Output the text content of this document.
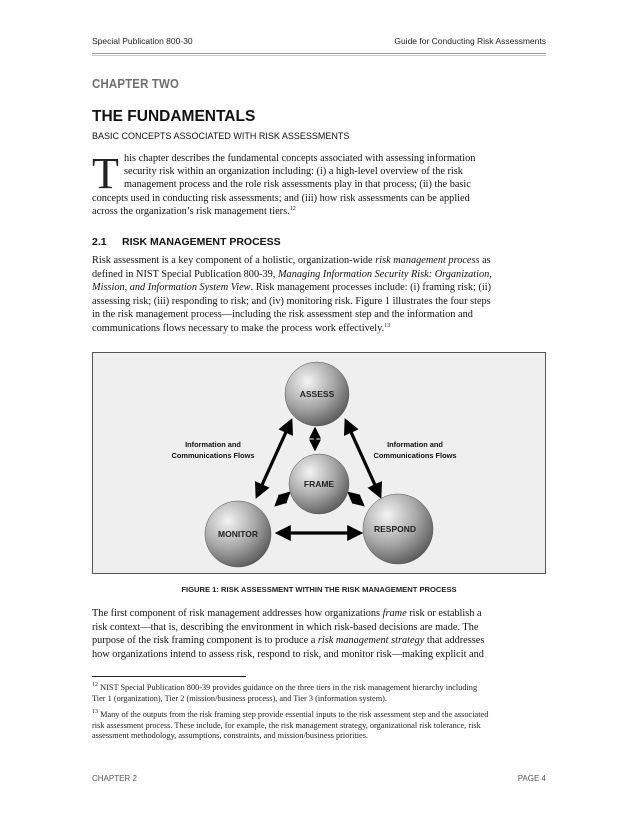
Special Publication 800-30	Guide for Conducting Risk Assessments
CHAPTER TWO
THE FUNDAMENTALS
BASIC CONCEPTS ASSOCIATED WITH RISK ASSESSMENTS
T his chapter describes the fundamental concepts associated with assessing information
security risk within an organization including: (i) a high-level overview of the risk
management process and the role risk assessments play in that process; (ii) the basic
concepts used in conducting risk assessments; and (iii) how risk assessments can be applied
across the organization’s risk management tiers.$^{12}$
2.1 RISK MANAGEMENT PROCESS
Risk assessment is a key component of a holistic, organization-wide risk management process as
defined in NIST Special Publication 800-39, Managing Information Security Risk: Organization,
Mission, and Information System View. Risk management processes include: (i) framing risk; (ii)
assessing risk; (iii) responding to risk; and (iv) monitoring risk. Figure 1 illustrates the four steps
in the risk management process—including the risk assessment step and the information and
communications flows necessary to make the process work effectively.$^{13}$
ASSESS
FRAME
MONITOR	RESPOND
Information and
Communications Flows
Information and
Communications Flows
FIGURE 1: RISK ASSESSMENT WITHIN THE RISK MANAGEMENT PROCESS
The first component of risk management addresses how organizations frame risk or establish a
risk context—that is, describing the environment in which risk-based decisions are made. The
purpose of the risk framing component is to produce a risk management strategy that addresses
how organizations intend to assess risk, respond to risk, and monitor risk—making explicit and
$^{12}$ NIST Special Publication 800-39 provides guidance on the three tiers in the risk management hierarchy including
Tier 1 (organization), Tier 2 (mission/business process), and Tier 3 (information system).
$^{13}$ Many of the outputs from the risk framing step provide essential inputs to the risk assessment step and the associated
risk assessment process. These include, for example, the risk management strategy, organizational risk tolerance, risk
assessment methodology, assumptions, constraints, and mission/business priorities.
CHAPTER 2	PAGE 4
